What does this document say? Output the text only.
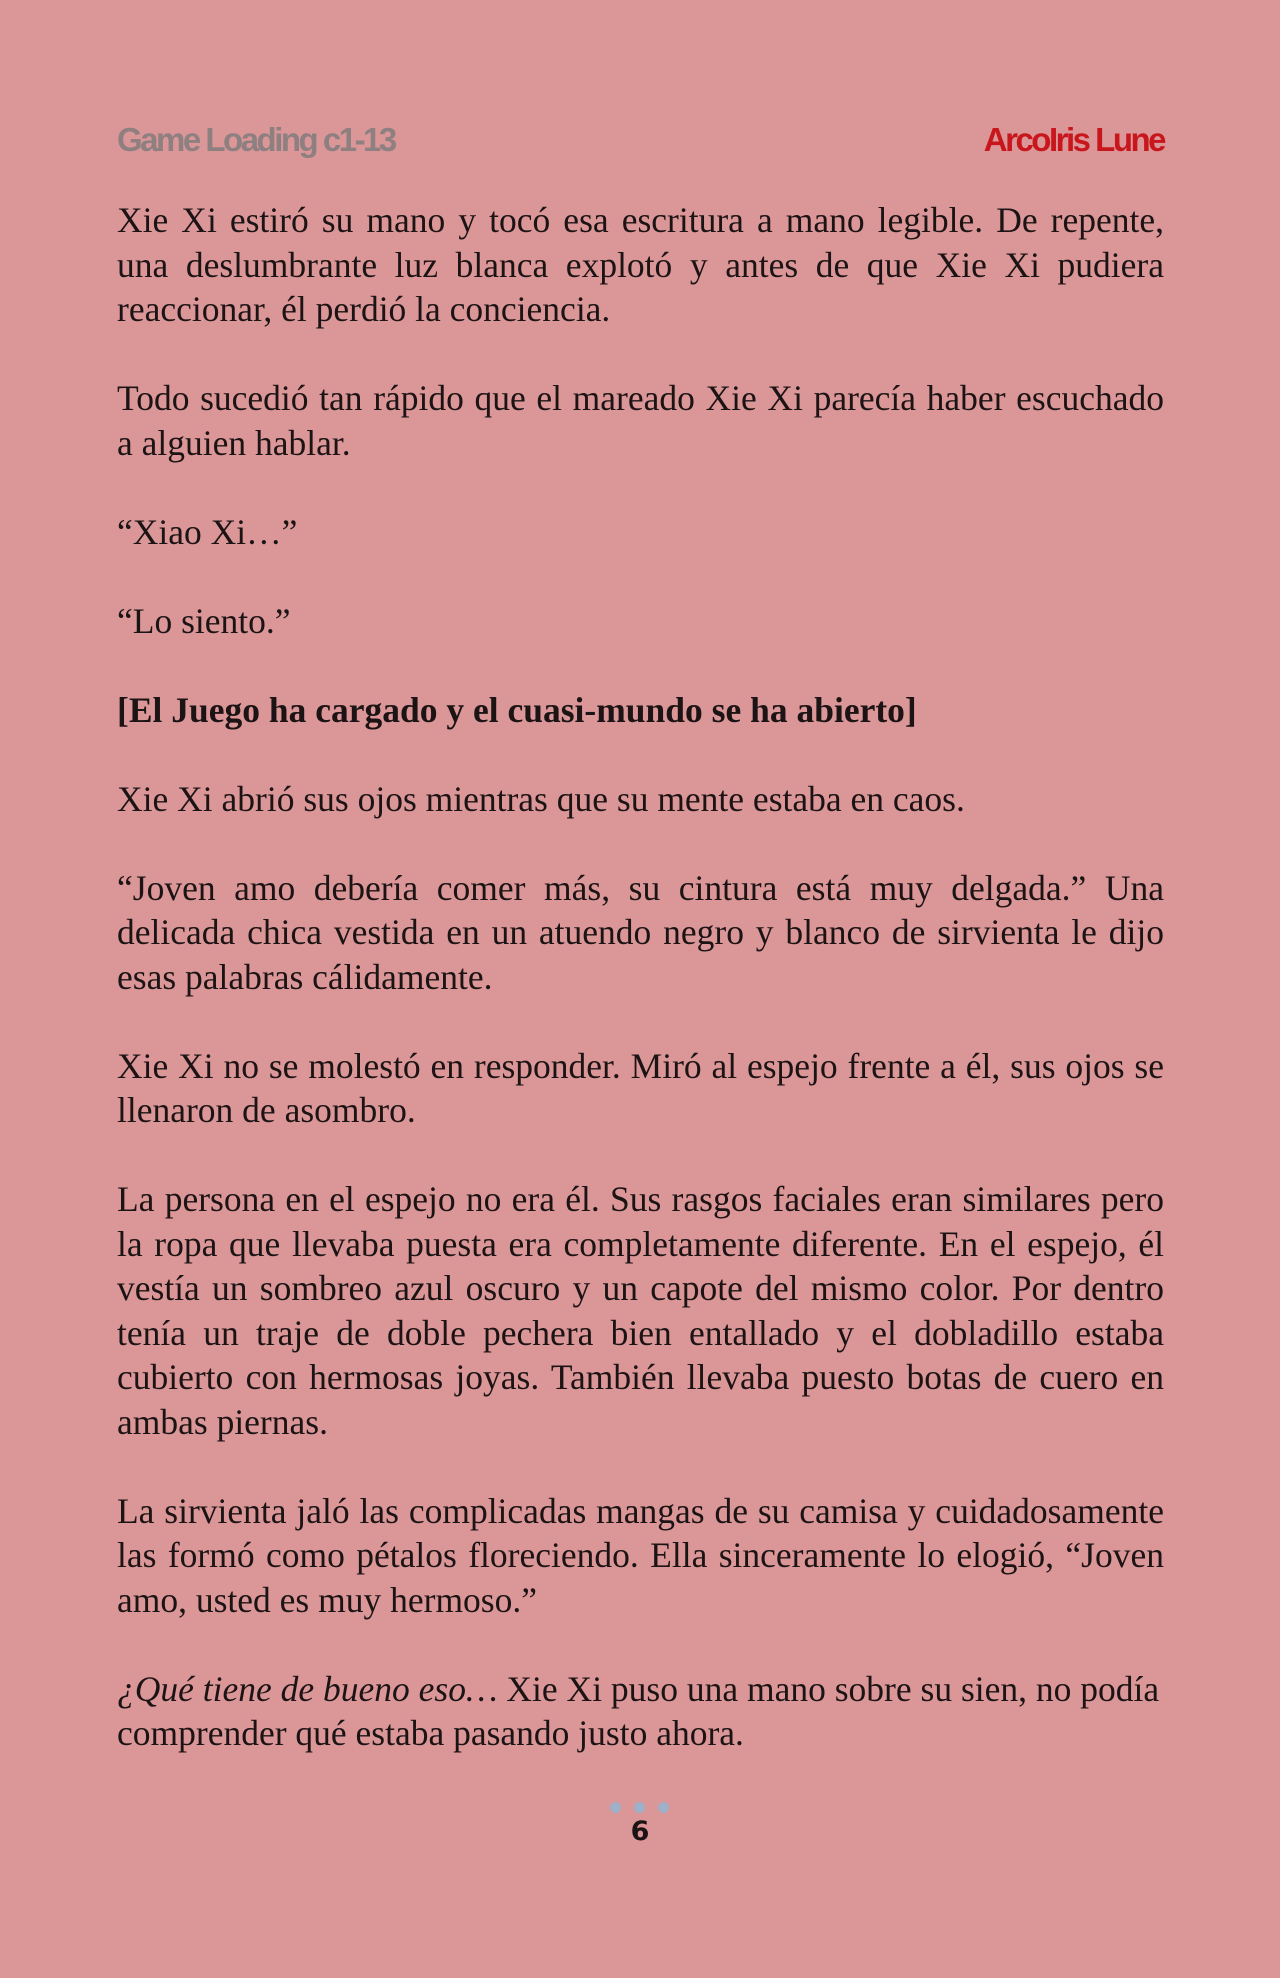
Game Loading c1-13	ArcoIris Lune

Xie Xi estiró su mano y tocó esa escritura a mano legible. De repente, una deslumbrante luz blanca explotó y antes de que Xie Xi pudiera reaccionar, él perdió la conciencia.

Todo sucedió tan rápido que el mareado Xie Xi parecía haber escuchado a alguien hablar.

“Xiao Xi…”

“Lo siento.”

[El Juego ha cargado y el cuasi-mundo se ha abierto]

Xie Xi abrió sus ojos mientras que su mente estaba en caos.

“Joven amo debería comer más, su cintura está muy delgada.” Una delicada chica vestida en un atuendo negro y blanco de sirvienta le dijo esas palabras cálidamente.

Xie Xi no se molestó en responder. Miró al espejo frente a él, sus ojos se llenaron de asombro.

La persona en el espejo no era él. Sus rasgos faciales eran similares pero la ropa que llevaba puesta era completamente diferente. En el espejo, él vestía un sombreo azul oscuro y un capote del mismo color. Por dentro tenía un traje de doble pechera bien entallado y el dobladillo estaba cubierto con hermosas joyas. También llevaba puesto botas de cuero en ambas piernas.

La sirvienta jaló las complicadas mangas de su camisa y cuidadosamente las formó como pétalos floreciendo. Ella sinceramente lo elogió, “Joven amo, usted es muy hermoso.”

¿Qué tiene de bueno eso… Xie Xi puso una mano sobre su sien, no podía comprender qué estaba pasando justo ahora.

6
